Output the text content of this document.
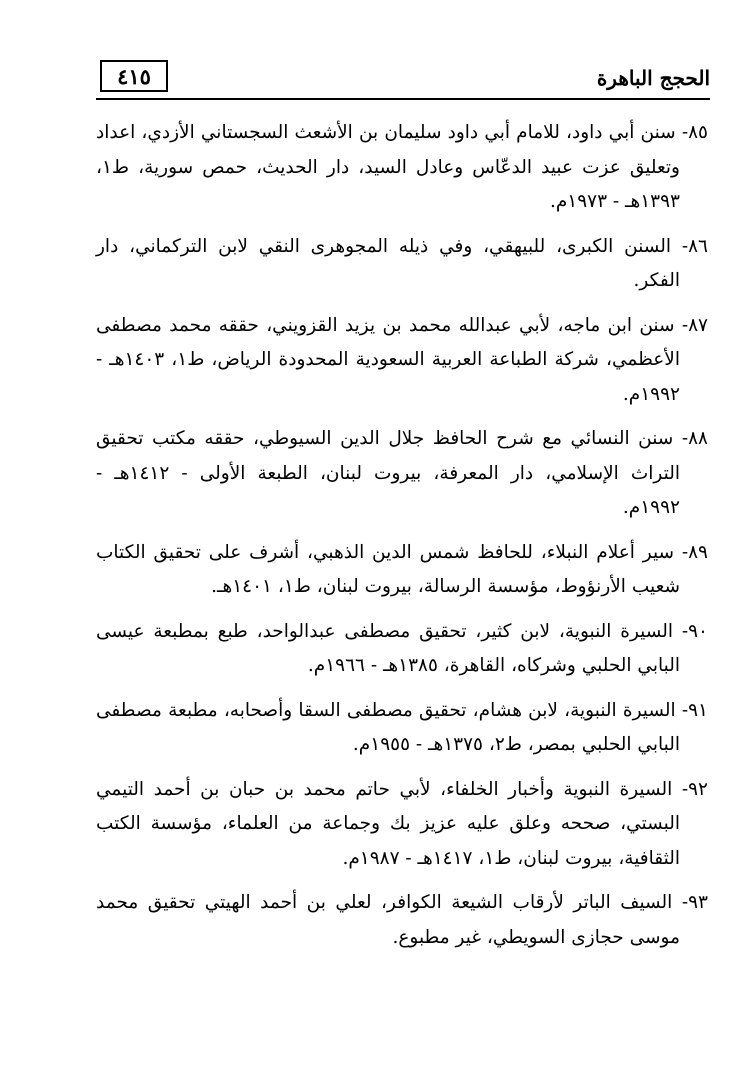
٤١٥	الحجج الباهرة

٨٥- سنن أبي داود، للامام أبي داود سليمان بن الأشعث السجستاني الأزدي، اعداد وتعليق عزت عبيد الدعّاس وعادل السيد، دار الحديث، حمص سورية، ط١، ١٣٩٣هـ - ١٩٧٣م.

٨٦- السنن الكبرى، للبيهقي، وفي ذيله المجوهرى النقي لابن التركماني، دار الفكر.

٨٧- سنن ابن ماجه، لأبي عبدالله محمد بن يزيد القزويني، حققه محمد مصطفى الأعظمي، شركة الطباعة العربية السعودية المحدودة الرياض، ط١، ١٤٠٣هـ - ١٩٩٢م.

٨٨- سنن النسائي مع شرح الحافظ جلال الدين السيوطي، حققه مكتب تحقيق التراث الإسلامي، دار المعرفة، بيروت لبنان، الطبعة الأولى - ١٤١٢هـ - ١٩٩٢م.

٨٩- سير أعلام النبلاء، للحافظ شمس الدين الذهبي، أشرف على تحقيق الكتاب شعيب الأرنؤوط، مؤسسة الرسالة، بيروت لبنان، ط١، ١٤٠١هـ.

٩٠- السيرة النبوية، لابن كثير، تحقيق مصطفى عبدالواحد، طبع بمطبعة عيسى البابي الحلبي وشركاه، القاهرة، ١٣٨٥هـ - ١٩٦٦م.

٩١- السيرة النبوية، لابن هشام، تحقيق مصطفى السقا وأصحابه، مطبعة مصطفى البابي الحلبي بمصر، ط٢، ١٣٧٥هـ - ١٩٥٥م.

٩٢- السيرة النبوية وأخبار الخلفاء، لأبي حاتم محمد بن حبان بن أحمد التيمي البستي، صححه وعلق عليه عزيز بك وجماعة من العلماء، مؤسسة الكتب الثقافية، بيروت لبنان، ط١، ١٤١٧هـ - ١٩٨٧م.

٩٣- السيف الباتر لأرقاب الشيعة الكوافر، لعلي بن أحمد الهيتي تحقيق محمد موسى حجازى السويطي، غير مطبوع.
